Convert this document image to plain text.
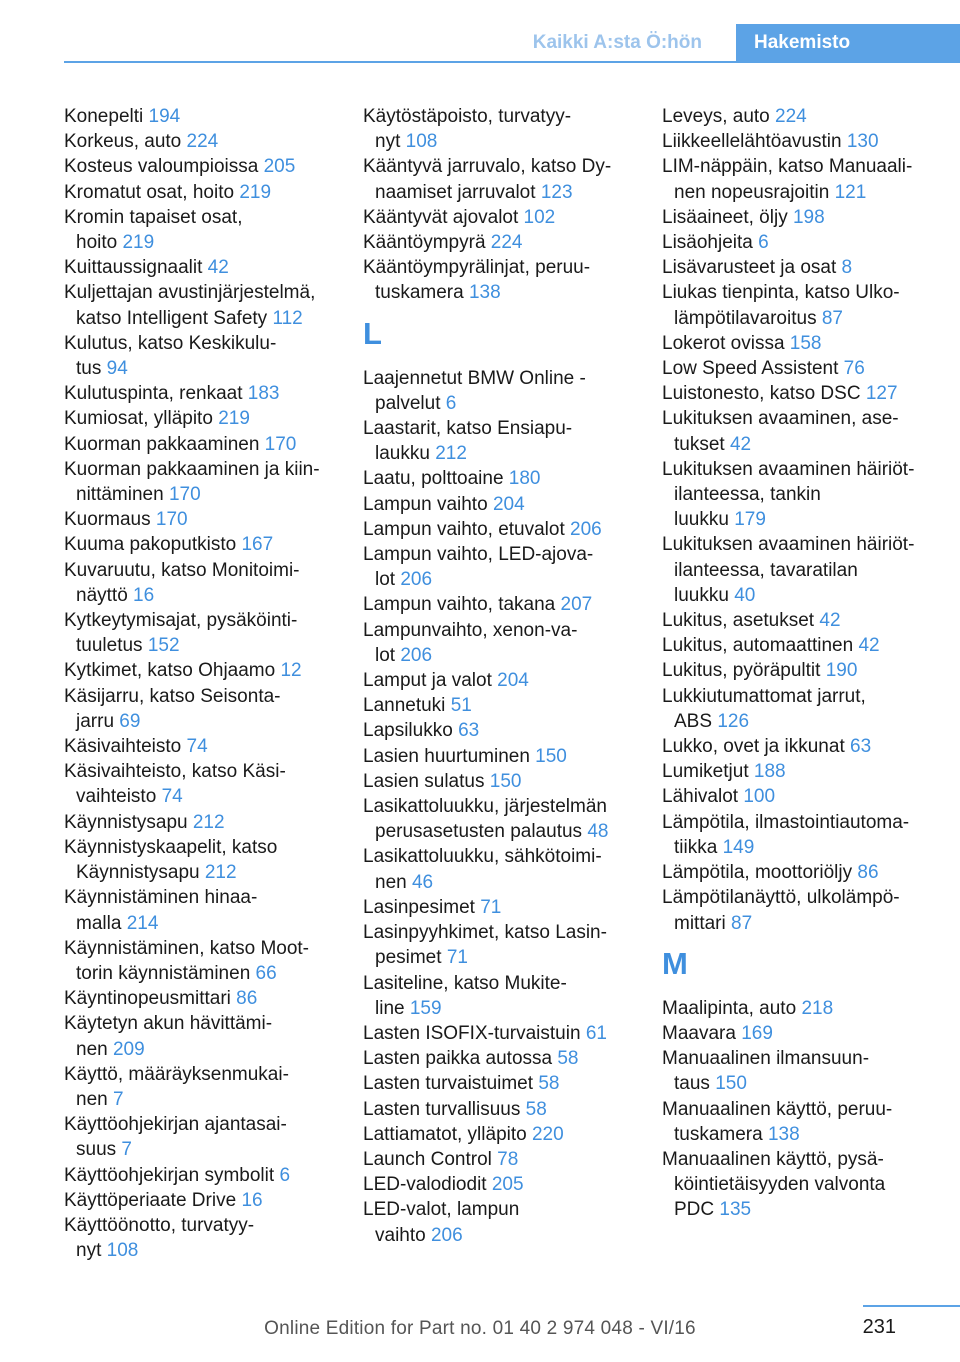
Kaikki A:sta Ö:hön	Hakemisto
Konepelti 194
Korkeus, auto 224
Kosteus valoumpioissa 205
Kromatut osat, hoito 219
Kromin tapaiset osat,
hoito 219
Kuittaussignaalit 42
Kuljettajan avustinjärjestelmä,
katso Intelligent Safety 112
Kulutus, katso Keskikulu-
tus 94
Kulutuspinta, renkaat 183
Kumiosat, ylläpito 219
Kuorman pakkaaminen 170
Kuorman pakkaaminen ja kiin-
nittäminen 170
Kuormaus 170
Kuuma pakoputkisto 167
Kuvaruutu, katso Monitoimi-
näyttö 16
Kytkeytymisajat, pysäköinti-
tuuletus 152
Kytkimet, katso Ohjaamo 12
Käsijarru, katso Seisonta-
jarru 69
Käsivaihteisto 74
Käsivaihteisto, katso Käsi-
vaihteisto 74
Käynnistysapu 212
Käynnistyskaapelit, katso
Käynnistysapu 212
Käynnistäminen hinaa-
malla 214
Käynnistäminen, katso Moot-
torin käynnistäminen 66
Käyntinopeusmittari 86
Käytetyn akun hävittämi-
nen 209
Käyttö, määräyksenmukai-
nen 7
Käyttöohjekirjan ajantasai-
suus 7
Käyttöohjekirjan symbolit 6
Käyttöperiaate Drive 16
Käyttöönotto, turvatyy-
nyt 108
Käytöstäpoisto, turvatyy-
nyt 108
Kääntyvä jarruvalo, katso Dy-
naamiset jarruvalot 123
Kääntyvät ajovalot 102
Kääntöympyrä 224
Kääntöympyrälinjat, peruu-
tuskamera 138
L
Laajennetut BMW Online -
palvelut 6
Laastarit, katso Ensiapu-
laukku 212
Laatu, polttoaine 180
Lampun vaihto 204
Lampun vaihto, etuvalot 206
Lampun vaihto, LED-ajova-
lot 206
Lampun vaihto, takana 207
Lampunvaihto, xenon-va-
lot 206
Lamput ja valot 204
Lannetuki 51
Lapsilukko 63
Lasien huurtuminen 150
Lasien sulatus 150
Lasikattoluukku, järjestelmän
perusasetusten palautus 48
Lasikattoluukku, sähkötoimi-
nen 46
Lasinpesimet 71
Lasinpyyhkimet, katso Lasin-
pesimet 71
Lasiteline, katso Mukite-
line 159
Lasten ISOFIX-turvaistuin 61
Lasten paikka autossa 58
Lasten turvaistuimet 58
Lasten turvallisuus 58
Lattiamatot, ylläpito 220
Launch Control 78
LED-valodiodit 205
LED-valot, lampun
vaihto 206
Leveys, auto 224
Liikkeellelähtöavustin 130
LIM-näppäin, katso Manuaali-
nen nopeusrajoitin 121
Lisäaineet, öljy 198
Lisäohjeita 6
Lisävarusteet ja osat 8
Liukas tienpinta, katso Ulko-
lämpötilavaroitus 87
Lokerot ovissa 158
Low Speed Assistent 76
Luistonesto, katso DSC 127
Lukituksen avaaminen, ase-
tukset 42
Lukituksen avaaminen häiriöt-
ilanteessa, tankin
luukku 179
Lukituksen avaaminen häiriöt-
ilanteessa, tavaratilan
luukku 40
Lukitus, asetukset 42
Lukitus, automaattinen 42
Lukitus, pyöräpultit 190
Lukkiutumattomat jarrut,
ABS 126
Lukko, ovet ja ikkunat 63
Lumiketjut 188
Lähivalot 100
Lämpötila, ilmastointiautoma-
tiikka 149
Lämpötila, moottoriöljy 86
Lämpötilanäyttö, ulkolämpö-
mittari 87
M
Maalipinta, auto 218
Maavara 169
Manuaalinen ilmansuun-
taus 150
Manuaalinen käyttö, peruu-
tuskamera 138
Manuaalinen käyttö, pysä-
köintietäisyyden valvonta
PDC 135
231
Online Edition for Part no. 01 40 2 974 048 - VI/16
